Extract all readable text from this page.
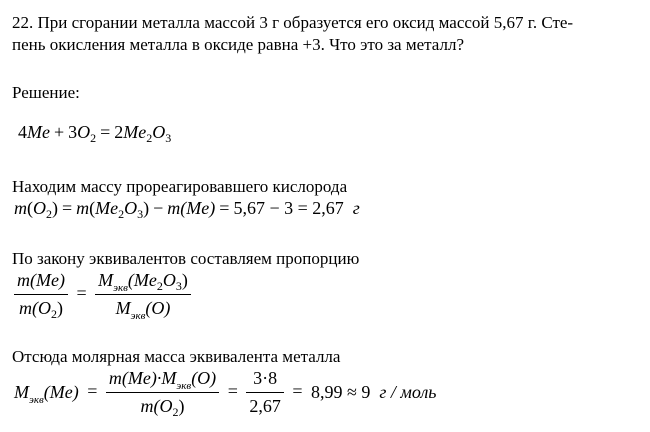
22. При сгорании металла массой 3 г образуется его оксид массой 5,67 г. Сте-
пень окисления металла в оксиде равна +3. Что это за металл?
Решение:
$4Me + 3O_2 = 2Me_2O_3$
Находим массу прореагировавшего кислорода
$m(O_2) = m(Me_2O_3) - m(Me) = 5,67 - 3 = 2,67$ г
По закону эквивалентов составляем пропорцию
$\frac{m(Me)}{m(O_2)} = \frac{M_{экв}(Me_2O_3)}{M_{экв}(O)}$
Отсюда молярная масса эквивалента металла
$M_{экв}(Me) = \frac{m(Me)\cdot M_{экв}(O)}{m(O_2)} = \frac{3\cdot 8}{2,67} = 8,99 \approx 9$ г / моль
